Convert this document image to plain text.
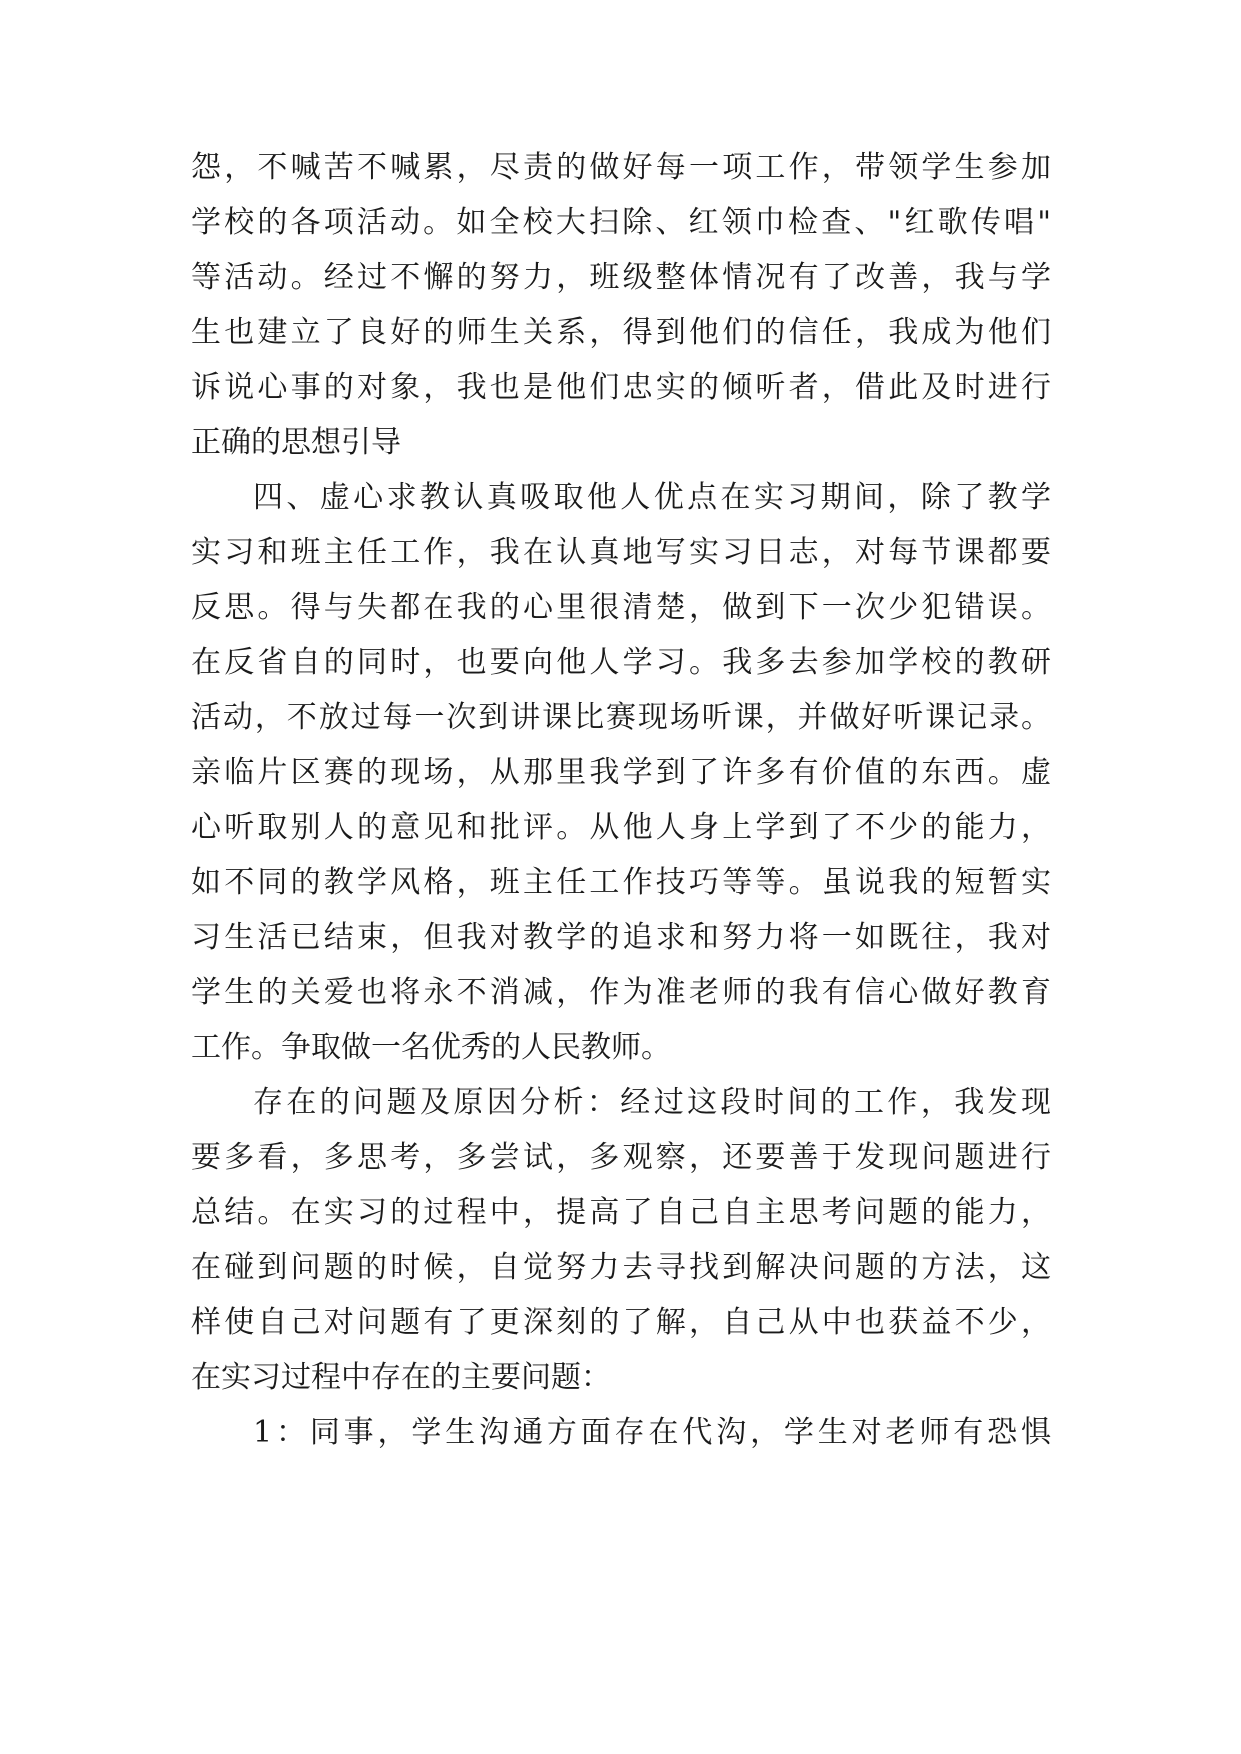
怨，不喊苦不喊累，尽责的做好每一项工作，带领学生参加
学校的各项活动。如全校大扫除、红领巾检查、"红歌传唱"
等活动。经过不懈的努力，班级整体情况有了改善，我与学
生也建立了良好的师生关系，得到他们的信任，我成为他们
诉说心事的对象，我也是他们忠实的倾听者，借此及时进行
正确的思想引导
四、虚心求教认真吸取他人优点在实习期间，除了教学
实习和班主任工作，我在认真地写实习日志，对每节课都要
反思。得与失都在我的心里很清楚，做到下一次少犯错误。
在反省自的同时，也要向他人学习。我多去参加学校的教研
活动，不放过每一次到讲课比赛现场听课，并做好听课记录。
亲临片区赛的现场，从那里我学到了许多有价值的东西。虚
心听取别人的意见和批评。从他人身上学到了不少的能力，
如不同的教学风格，班主任工作技巧等等。虽说我的短暂实
习生活已结束，但我对教学的追求和努力将一如既往，我对
学生的关爱也将永不消减，作为准老师的我有信心做好教育
工作。争取做一名优秀的人民教师。
存在的问题及原因分析：经过这段时间的工作，我发现
要多看，多思考，多尝试，多观察，还要善于发现问题进行
总结。在实习的过程中，提高了自己自主思考问题的能力，
在碰到问题的时候，自觉努力去寻找到解决问题的方法，这
样使自己对问题有了更深刻的了解，自己从中也获益不少，
在实习过程中存在的主要问题：
1：同事，学生沟通方面存在代沟，学生对老师有恐惧
